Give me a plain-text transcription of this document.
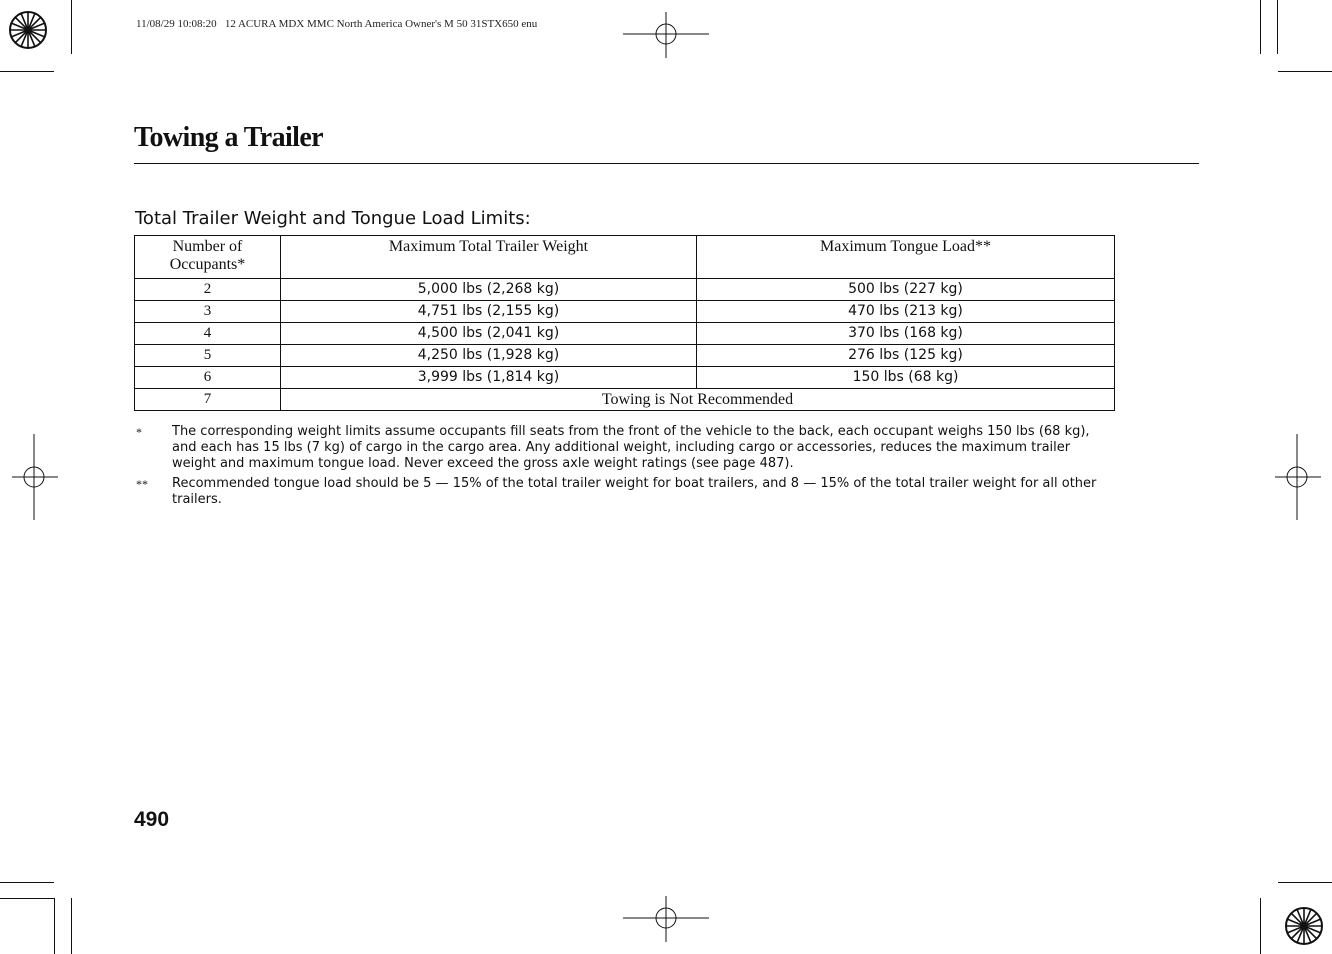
11/08/29 10:08:20   12 ACURA MDX MMC North America Owner's M 50 31STX650 enu
Towing a Trailer
Total Trailer Weight and Tongue Load Limits:
Number of
Occupants*	Maximum Total Trailer Weight	Maximum Tongue Load**
2	5,000 lbs (2,268 kg)	500 lbs (227 kg)
3	4,751 lbs (2,155 kg)	470 lbs (213 kg)
4	4,500 lbs (2,041 kg)	370 lbs (168 kg)
5	4,250 lbs (1,928 kg)	276 lbs (125 kg)
6	3,999 lbs (1,814 kg)	150 lbs (68 kg)
7	Towing is Not Recommended	
*	The corresponding weight limits assume occupants fill seats from the front of the vehicle to the back, each occupant weighs 150 lbs (68 kg), and each has 15 lbs (7 kg) of cargo in the cargo area. Any additional weight, including cargo or accessories, reduces the maximum trailer weight and maximum tongue load. Never exceed the gross axle weight ratings (see page 487).
**	Recommended tongue load should be 5 — 15% of the total trailer weight for boat trailers, and 8 — 15% of the total trailer weight for all other trailers.
490
